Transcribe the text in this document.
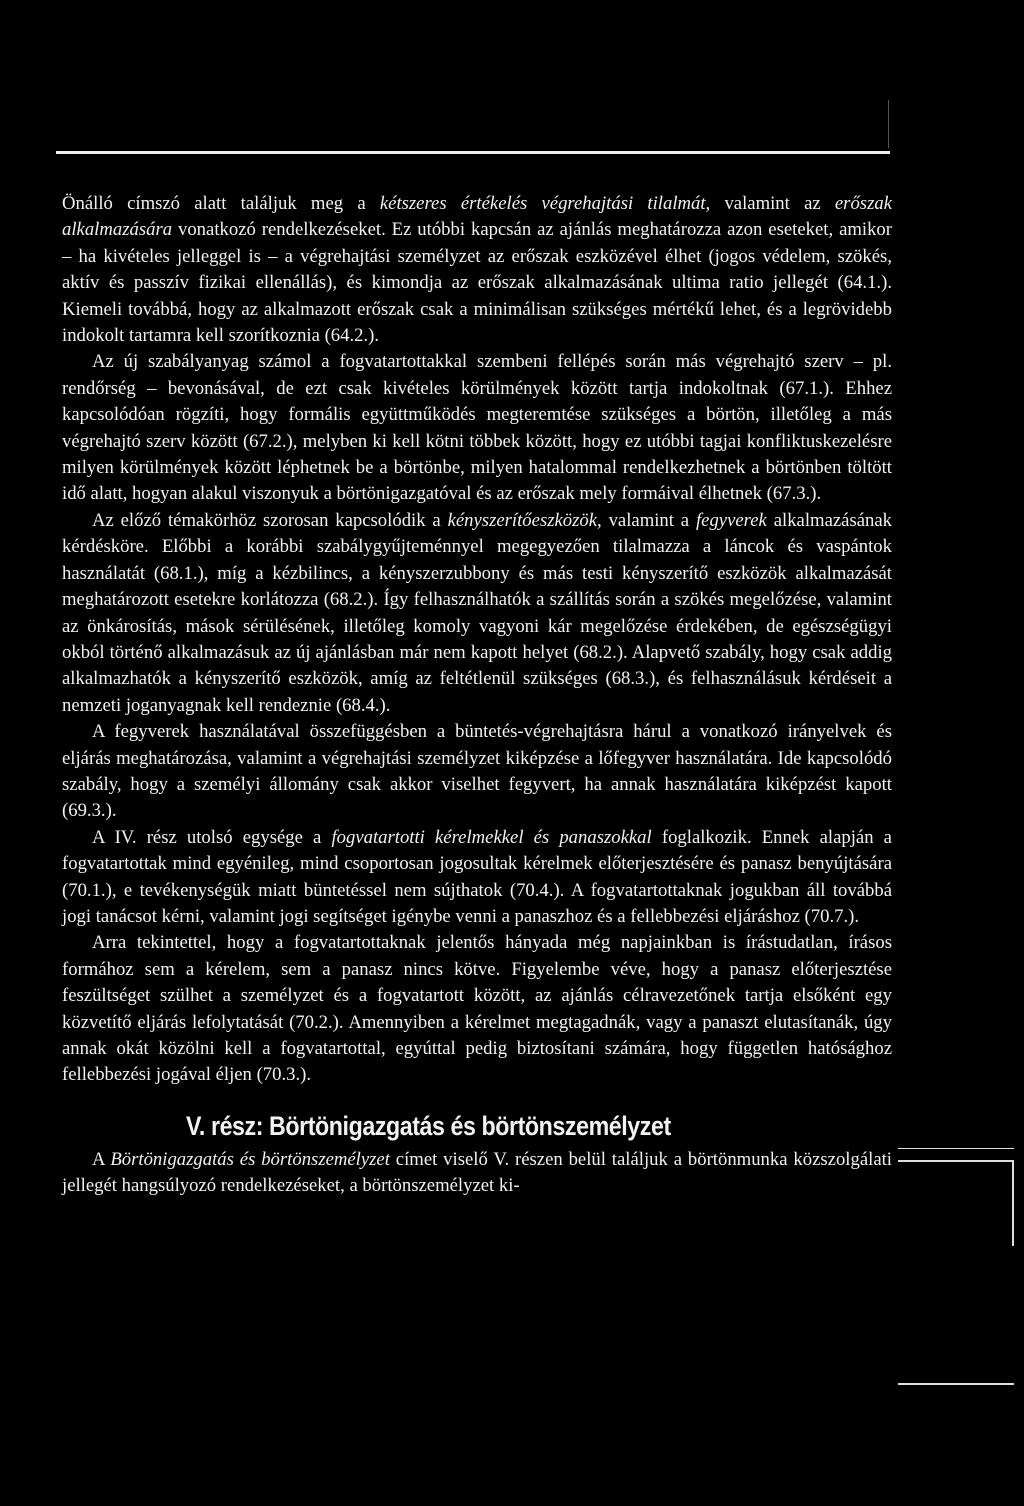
Önálló címszó alatt találjuk meg a kétszeres értékelés végrehajtási tilalmát, valamint az erőszak alkalmazására vonatkozó rendelkezéseket. Ez utóbbi kapcsán az ajánlás meghatározza azon eseteket, amikor – ha kivételes jelleggel is – a végrehajtási személyzet az erőszak eszközével élhet (jogos védelem, szökés, aktív és passzív fizikai ellenállás), és kimondja az erőszak alkalmazásának ultima ratio jellegét (64.1.). Kiemeli továbbá, hogy az alkalmazott erőszak csak a minimálisan szükséges mértékű lehet, és a legrövidebb indokolt tartamra kell szorítkoznia (64.2.).

Az új szabályanyag számol a fogvatartottakkal szembeni fellépés során más végrehajtó szerv – pl. rendőrség – bevonásával, de ezt csak kivételes körülmények között tartja indokoltnak (67.1.). Ehhez kapcsolódóan rögzíti, hogy formális együttműködés megteremtése szükséges a börtön, illetőleg a más végrehajtó szerv között (67.2.), melyben ki kell kötni többek között, hogy ez utóbbi tagjai konfliktuskezelésre milyen körülmények között léphetnek be a börtönbe, milyen hatalommal rendelkezhetnek a börtönben töltött idő alatt, hogyan alakul viszonyuk a börtönigazgatóval és az erőszak mely formáival élhetnek (67.3.).

Az előző témakörhöz szorosan kapcsolódik a kényszerítőeszközök, valamint a fegyverek alkalmazásának kérdésköre. Előbbi a korábbi szabálygyűjteménnyel megegyezően tilalmazza a láncok és vaspántok használatát (68.1.), míg a kézbilincs, a kényszerzubbony és más testi kényszerítő eszközök alkalmazását meghatározott esetekre korlátozza (68.2.). Így felhasználhatók a szállítás során a szökés megelőzése, valamint az önkárosítás, mások sérülésének, illetőleg komoly vagyoni kár megelőzése érdekében, de egészségügyi okból történő alkalmazásuk az új ajánlásban már nem kapott helyet (68.2.). Alapvető szabály, hogy csak addig alkalmazhatók a kényszerítő eszközök, amíg az feltétlenül szükséges (68.3.), és felhasználásuk kérdéseit a nemzeti joganyagnak kell rendeznie (68.4.).

A fegyverek használatával összefüggésben a büntetés-végrehajtásra hárul a vonatkozó irányelvek és eljárás meghatározása, valamint a végrehajtási személyzet kiképzése a lőfegyver használatára. Ide kapcsolódó szabály, hogy a személyi állomány csak akkor viselhet fegyvert, ha annak használatára kiképzést kapott (69.3.).

A IV. rész utolsó egysége a fogvatartotti kérelmekkel és panaszokkal foglalkozik. Ennek alapján a fogvatartottak mind egyénileg, mind csoportosan jogosultak kérelmek előterjesztésére és panasz benyújtására (70.1.), e tevékenységük miatt büntetéssel nem sújthatok (70.4.). A fogvatartottaknak jogukban áll továbbá jogi tanácsot kérni, valamint jogi segítséget igénybe venni a panaszhoz és a fellebbezési eljáráshoz (70.7.).

Arra tekintettel, hogy a fogvatartottaknak jelentős hányada még napjainkban is írástudatlan, írásos formához sem a kérelem, sem a panasz nincs kötve. Figyelembe véve, hogy a panasz előterjesztése feszültséget szülhet a személyzet és a fogvatartott között, az ajánlás célravezetőnek tartja elsőként egy közvetítő eljárás lefolytatását (70.2.). Amennyiben a kérelmet megtagadnák, vagy a panaszt elutasítanák, úgy annak okát közölni kell a fogvatartottal, egyúttal pedig biztosítani számára, hogy független hatósághoz fellebbezési jogával éljen (70.3.).

V. rész: Börtönigazgatás és börtönszemélyzet

A Börtönigazgatás és börtönszemélyzet címet viselő V. részen belül találjuk a börtönmunka közszolgálati jellegét hangsúlyozó rendelkezéseket, a börtönszemélyzet ki-
